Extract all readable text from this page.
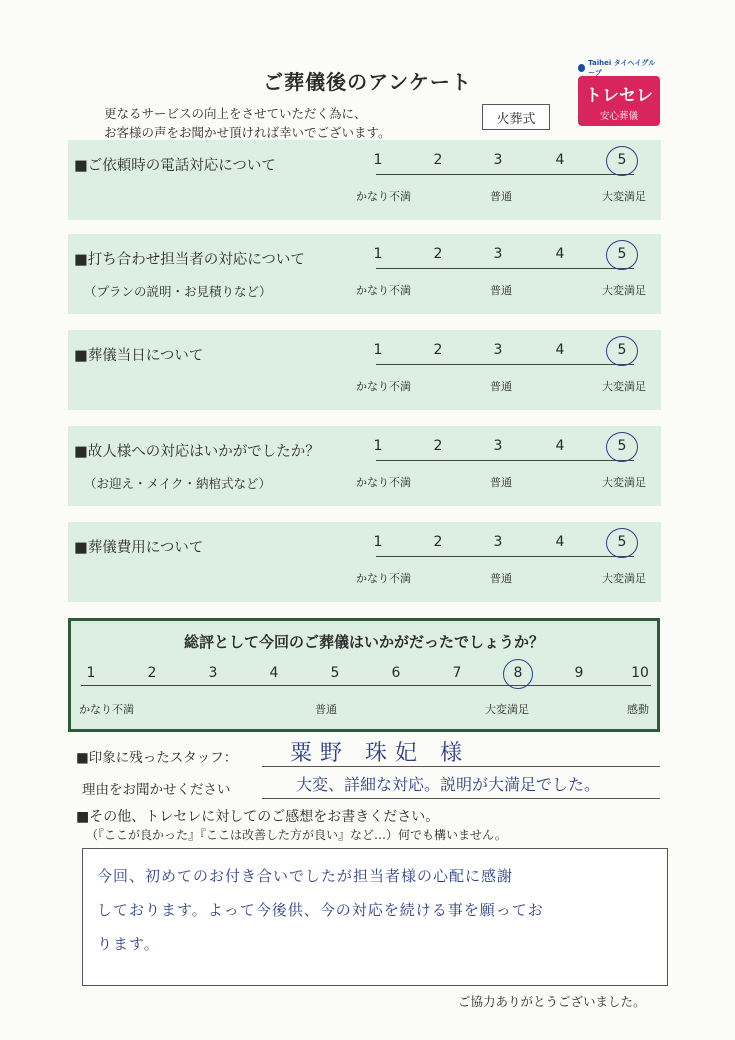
ご葬儀後のアンケート
更なるサービスの向上をさせていただく為に、
お客様の声をお聞かせ頂ければ幸いでございます。
火葬式
Taihei タイヘイグループ
トレセレ
安心葬儀
■ご依頼時の電話対応について	1	2	3	4	5
かなり不満	普通	大変満足
■打ち合わせ担当者の対応について
（プランの説明・お見積りなど）
1	2	3	4	5
かなり不満	普通	大変満足
■葬儀当日について	1	2	3	4	5
かなり不満	普通	大変満足
■故人様への対応はいかがでしたか？
（お迎え・メイク・納棺式など）
1	2	3	4	5
かなり不満	普通	大変満足
■葬儀費用について	1	2	3	4	5
かなり不満	普通	大変満足
総評として今回のご葬儀はいかがだったでしょうか？
1	2	3	4	5	6	7	8	9	10
かなり不満	普通	大変満足	感動
■印象に残ったスタッフ： 粟野 珠妃 様
理由をお聞かせください	大変、詳細な対応。説明が大満足でした。
■その他、トレセレに対してのご感想をお書きください。
（『ここが良かった』『ここは改善した方が良い』など…）何でも構いません。
今回、初めてのお付き合いでしたが担当者様の心配に感謝
しております。よって今後供、今の対応を続ける事を願ってお
ります。
ご協力ありがとうございました。
